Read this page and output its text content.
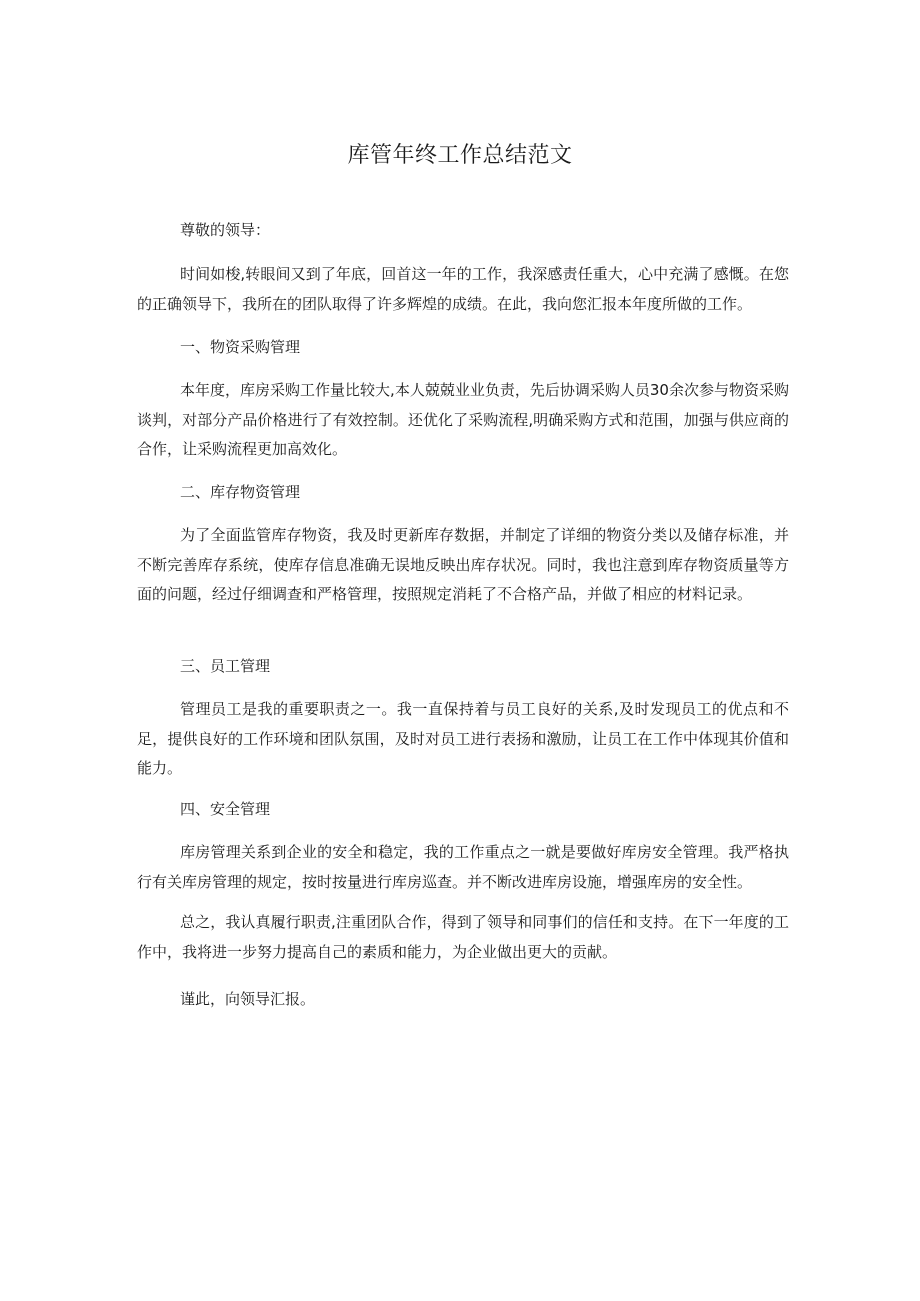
库管年终工作总结范文

尊敬的领导：

时间如梭,转眼间又到了年底，回首这一年的工作，我深感责任重大，心中充满了感慨。在您的正确领导下，我所在的团队取得了许多辉煌的成绩。在此，我向您汇报本年度所做的工作。

一、物资采购管理

本年度，库房采购工作量比较大,本人兢兢业业负责，先后协调采购人员30余次参与物资采购谈判，对部分产品价格进行了有效控制。还优化了采购流程,明确采购方式和范围，加强与供应商的合作，让采购流程更加高效化。

二、库存物资管理

为了全面监管库存物资，我及时更新库存数据，并制定了详细的物资分类以及储存标准，并不断完善库存系统，使库存信息准确无误地反映出库存状况。同时，我也注意到库存物资质量等方面的问题，经过仔细调查和严格管理，按照规定消耗了不合格产品，并做了相应的材料记录。

三、员工管理

管理员工是我的重要职责之一。我一直保持着与员工良好的关系,及时发现员工的优点和不足，提供良好的工作环境和团队氛围，及时对员工进行表扬和激励，让员工在工作中体现其价值和能力。

四、安全管理

库房管理关系到企业的安全和稳定，我的工作重点之一就是要做好库房安全管理。我严格执行有关库房管理的规定，按时按量进行库房巡查。并不断改进库房设施，增强库房的安全性。

总之，我认真履行职责,注重团队合作，得到了领导和同事们的信任和支持。在下一年度的工作中，我将进一步努力提高自己的素质和能力，为企业做出更大的贡献。

谨此，向领导汇报。
